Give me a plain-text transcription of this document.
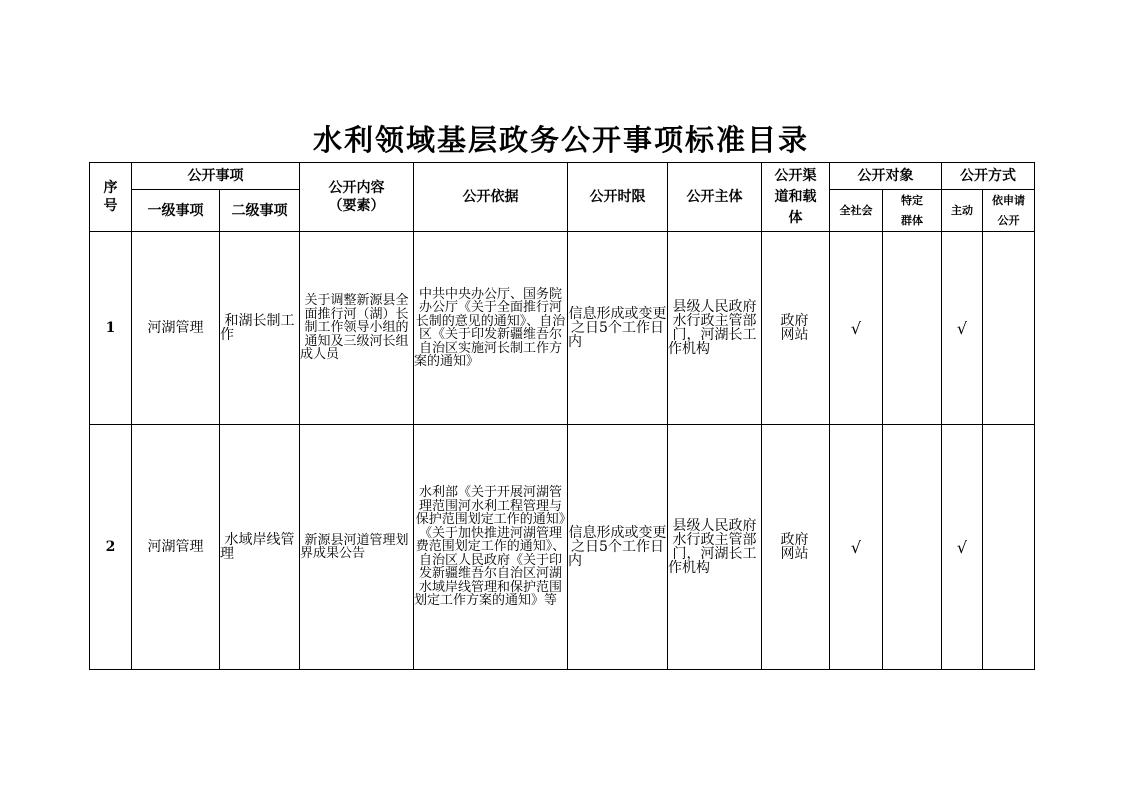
水利领域基层政务公开事项标准目录
序号	公开事项		公开内容（要素）	公开依据	公开时限	公开主体	公开渠道和载体	公开对象		公开方式	
	一级事项	二级事项						全社会	特定群体	主动	依申请公开
1	河湖管理	和湖长制工作	关于调整新源县全面推行河（湖）长制工作领导小组的通知及三级河长组成人员	中共中央办公厅、国务院办公厅《关于全面推行河长制的意见的通知》、自治区《关于印发新疆维吾尔自治区实施河长制工作方案的通知》	信息形成或变更之日5个工作日内	县级人民政府水行政主管部门，河湖长工作机构	政府网站	√		√	
2	河湖管理	水域岸线管理	新源县河道管理划界成果公告	水利部《关于开展河湖管理范围河水利工程管理与保护范围划定工作的通知》《关于加快推进河湖管理费范围划定工作的通知》、自治区人民政府《关于印发新疆维吾尔自治区河湖水域岸线管理和保护范围划定工作方案的通知》等	信息形成或变更之日5个工作日内	县级人民政府水行政主管部门，河湖长工作机构	政府网站	√		√	
